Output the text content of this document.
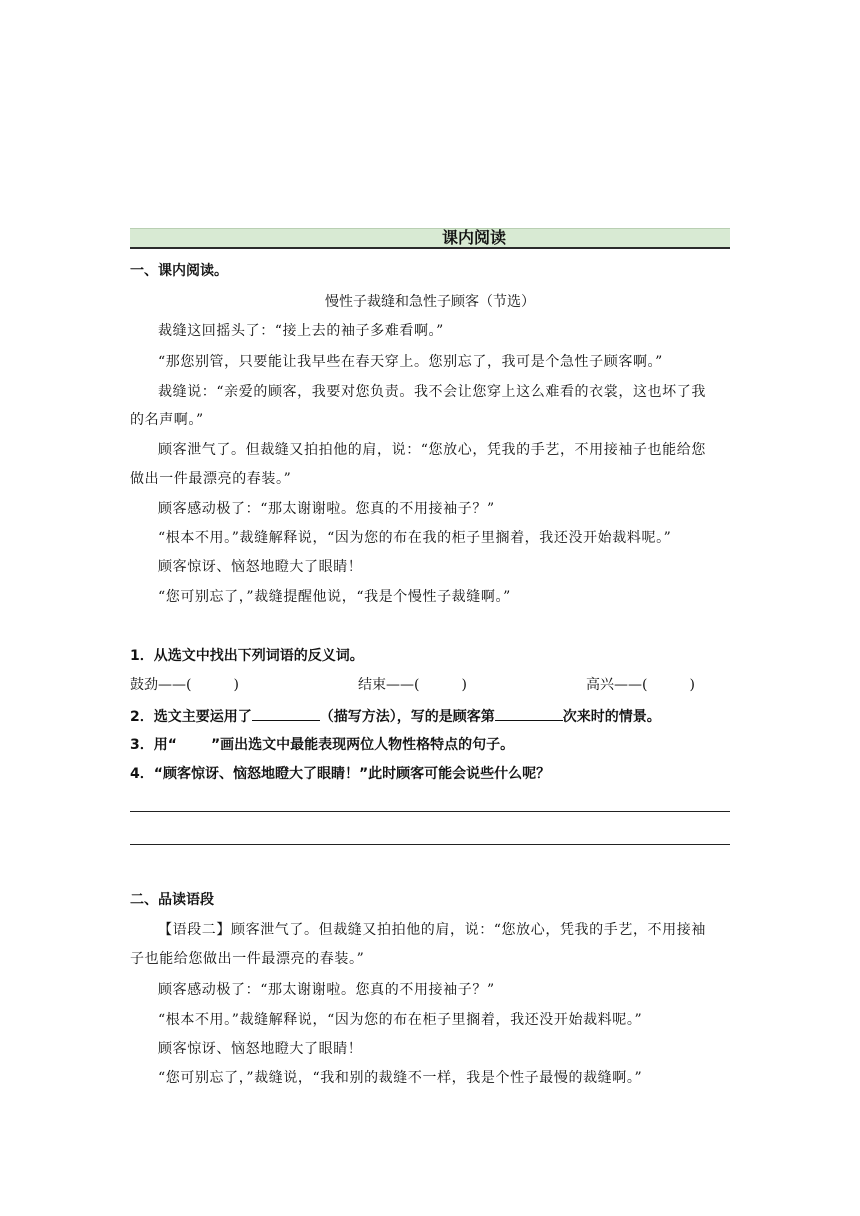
课内阅读
一、课内阅读。
慢性子裁缝和急性子顾客（节选）
裁缝这回摇头了：“接上去的袖子多难看啊。”
“那您别管，只要能让我早些在春天穿上。您别忘了，我可是个急性子顾客啊。”
裁缝说：“亲爱的顾客，我要对您负责。我不会让您穿上这么难看的衣裳，这也坏了我
的名声啊。”
顾客泄气了。但裁缝又拍拍他的肩，说：“您放心，凭我的手艺，不用接袖子也能给您
做出一件最漂亮的春装。”
顾客感动极了：“那太谢谢啦。您真的不用接袖子？”
“根本不用。”裁缝解释说，“因为您的布在我的柜子里搁着，我还没开始裁料呢。”
顾客惊讶、恼怒地瞪大了眼睛！
“您可别忘了，”裁缝提醒他说，“我是个慢性子裁缝啊。”
1．从选文中找出下列词语的反义词。
鼓劲——(　　　)	结束——(　　　)	高兴——(　　　)
2．选文主要运用了	（描写方法），写的是顾客第	次来时的情景。
3．用“ ”画出选文中最能表现两位人物性格特点的句子。
4．“顾客惊讶、恼怒地瞪大了眼睛！”此时顾客可能会说些什么呢？
二、品读语段
【语段二】顾客泄气了。但裁缝又拍拍他的肩，说：“您放心，凭我的手艺，不用接袖
子也能给您做出一件最漂亮的春装。”
顾客感动极了：“那太谢谢啦。您真的不用接袖子？”
“根本不用。”裁缝解释说，“因为您的布在柜子里搁着，我还没开始裁料呢。”
顾客惊讶、恼怒地瞪大了眼睛！
“您可别忘了，”裁缝说，“我和别的裁缝不一样，我是个性子最慢的裁缝啊。”
